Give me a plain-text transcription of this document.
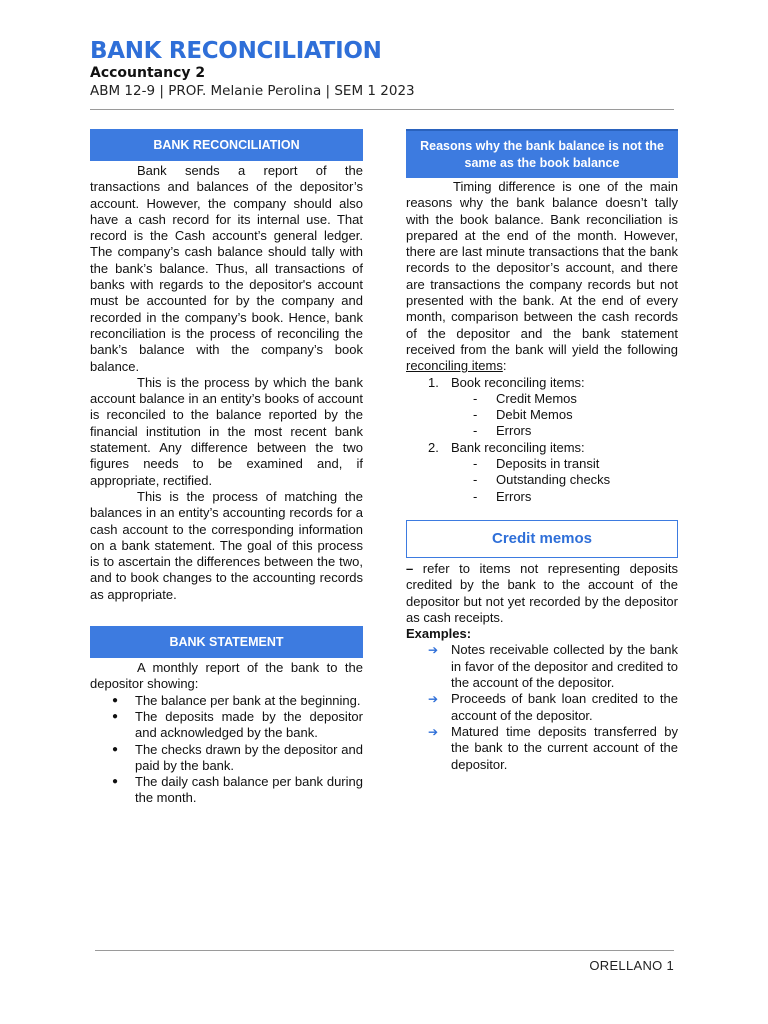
BANK RECONCILIATION
Accountancy 2
ABM 12-9 | PROF. Melanie Perolina | SEM 1 2023
BANK RECONCILIATION

Bank sends a report of the transactions and balances of the depositor’s account. However, the company should also have a cash record for its internal use. That record is the Cash account’s general ledger. The company’s cash balance should tally with the bank’s balance. Thus, all transactions of banks with regards to the depositor's account must be accounted for by the company and recorded in the company’s book. Hence, bank reconciliation is the process of reconciling the bank’s balance with the company’s book balance.

This is the process by which the bank account balance in an entity’s books of account is reconciled to the balance reported by the financial institution in the most recent bank statement. Any difference between the two figures needs to be examined and, if appropriate, rectified.

This is the process of matching the balances in an entity’s accounting records for a cash account to the corresponding information on a bank statement. The goal of this process is to ascertain the differences between the two, and to book changes to the accounting records as appropriate.

BANK STATEMENT

A monthly report of the bank to the depositor showing:

● The balance per bank at the beginning.
● The deposits made by the depositor and acknowledged by the bank.
● The checks drawn by the depositor and paid by the bank.
● The daily cash balance per bank during the month.
Reasons why the bank balance is not the same as the book balance

Timing difference is one of the main reasons why the bank balance doesn’t tally with the book balance. Bank reconciliation is prepared at the end of the month. However, there are last minute transactions that the bank records to the depositor’s account, and there are transactions the company records but not presented with the bank. At the end of every month, comparison between the cash records of the depositor and the bank statement received from the bank will yield the following reconciling items:

1. Book reconciling items:
- Credit Memos
- Debit Memos
- Errors
2. Bank reconciling items:
- Deposits in transit
- Outstanding checks
- Errors
Credit memos

– refer to items not representing deposits credited by the bank to the account of the depositor but not yet recorded by the depositor as cash receipts.

Examples:

➔ Notes receivable collected by the bank in favor of the depositor and credited to the account of the depositor.
➔ Proceeds of bank loan credited to the account of the depositor.
➔ Matured time deposits transferred by the bank to the current account of the depositor.
ORELLANO 1
